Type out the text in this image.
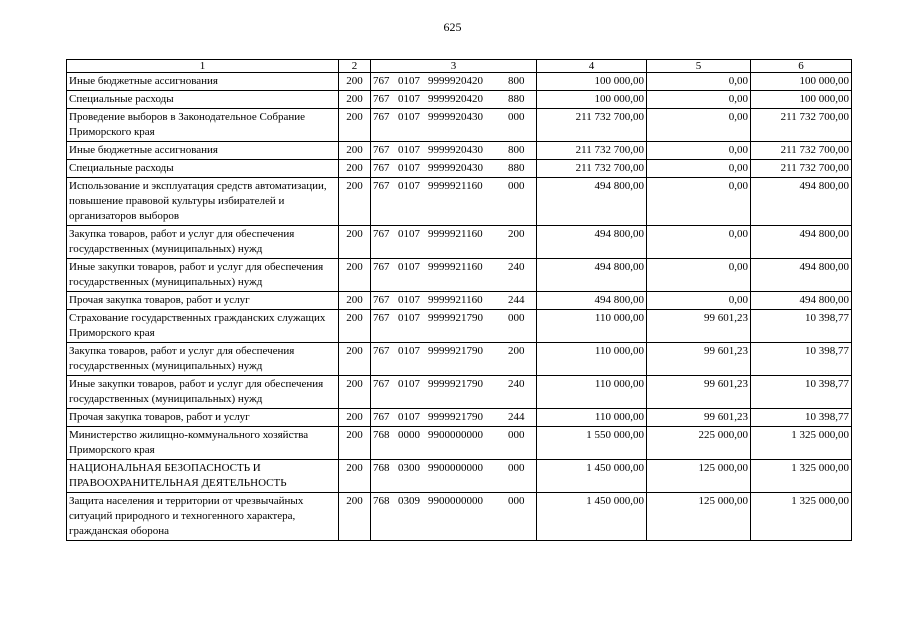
625
1	2	3	4	5	6
Иные бюджетные ассигнования	200	767 0107 9999920420 800	100 000,00	0,00	100 000,00
Специальные расходы	200	767 0107 9999920420 880	100 000,00	0,00	100 000,00
Проведение выборов в Законодательное Собрание Приморского края	200	767 0107 9999920430 000	211 732 700,00	0,00	211 732 700,00
Иные бюджетные ассигнования	200	767 0107 9999920430 800	211 732 700,00	0,00	211 732 700,00
Специальные расходы	200	767 0107 9999920430 880	211 732 700,00	0,00	211 732 700,00
Использование и эксплуатация средств автоматизации, повышение правовой культуры избирателей и организаторов выборов	200	767 0107 9999921160 000	494 800,00	0,00	494 800,00
Закупка товаров, работ и услуг для обеспечения государственных (муниципальных) нужд	200	767 0107 9999921160 200	494 800,00	0,00	494 800,00
Иные закупки товаров, работ и услуг для обеспечения государственных (муниципальных) нужд	200	767 0107 9999921160 240	494 800,00	0,00	494 800,00
Прочая закупка товаров, работ и услуг	200	767 0107 9999921160 244	494 800,00	0,00	494 800,00
Страхование государственных гражданских служащих Приморского края	200	767 0107 9999921790 000	110 000,00	99 601,23	10 398,77
Закупка товаров, работ и услуг для обеспечения государственных (муниципальных) нужд	200	767 0107 9999921790 200	110 000,00	99 601,23	10 398,77
Иные закупки товаров, работ и услуг для обеспечения государственных (муниципальных) нужд	200	767 0107 9999921790 240	110 000,00	99 601,23	10 398,77
Прочая закупка товаров, работ и услуг	200	767 0107 9999921790 244	110 000,00	99 601,23	10 398,77
Министерство жилищно-коммунального хозяйства Приморского края	200	768 0000 9900000000 000	1 550 000,00	225 000,00	1 325 000,00
НАЦИОНАЛЬНАЯ БЕЗОПАСНОСТЬ И ПРАВООХРАНИТЕЛЬНАЯ ДЕЯТЕЛЬНОСТЬ	200	768 0300 9900000000 000	1 450 000,00	125 000,00	1 325 000,00
Защита населения и территории от чрезвычайных ситуаций природного и техногенного характера, гражданская оборона	200	768 0309 9900000000 000	1 450 000,00	125 000,00	1 325 000,00
